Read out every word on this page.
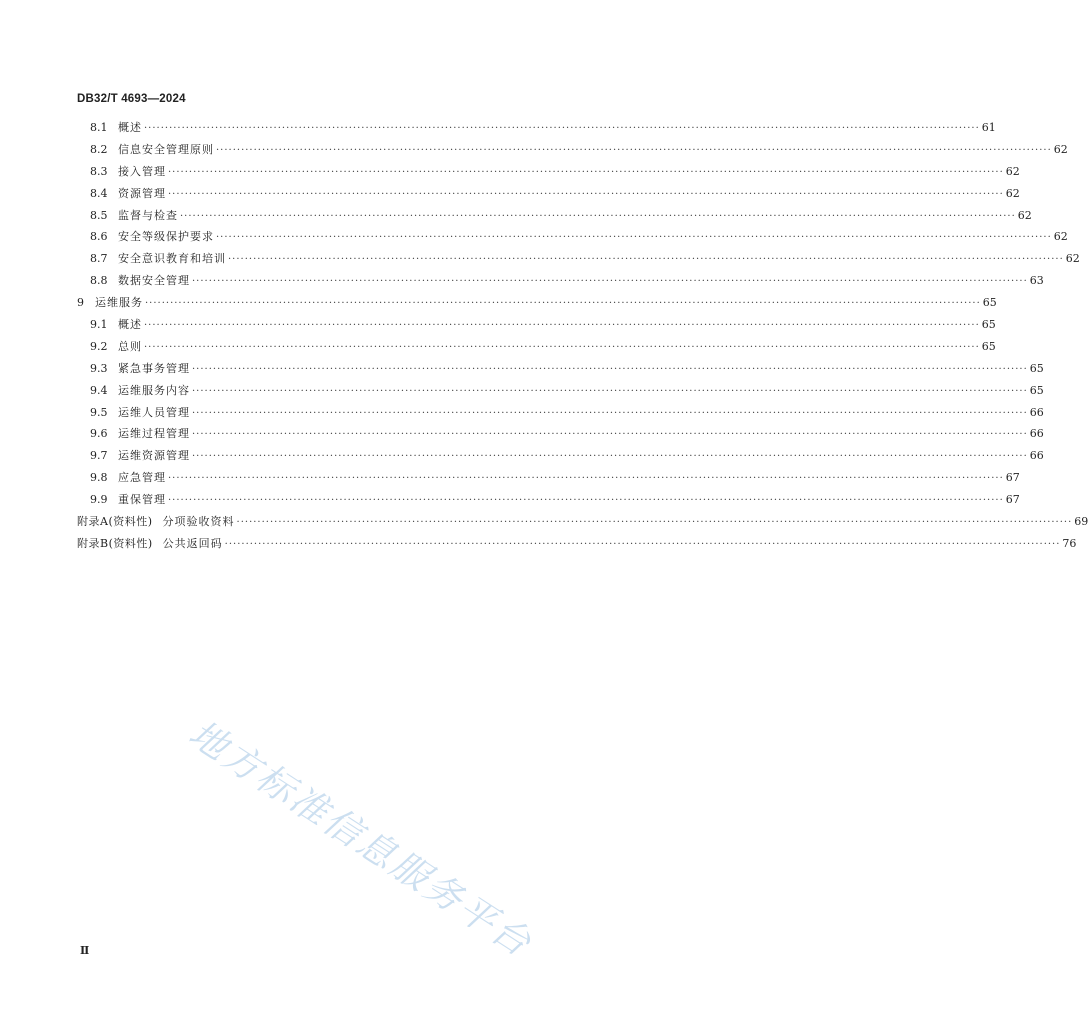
DB32/T 4693—2024
8.1 概述 ········································································································································································································ 61
8.2 信息安全管理原则 ········································································································································································································ 62
8.3 接入管理 ········································································································································································································ 62
8.4 资源管理 ········································································································································································································ 62
8.5 监督与检查 ········································································································································································································ 62
8.6 安全等级保护要求 ········································································································································································································ 62
8.7 安全意识教育和培训 ········································································································································································································ 62
8.8 数据安全管理 ········································································································································································································ 63
9	运维服务 ········································································································································································································ 65
9.1 概述 ········································································································································································································ 65
9.2 总则 ········································································································································································································ 65
9.3 紧急事务管理 ········································································································································································································ 65
9.4 运维服务内容 ········································································································································································································ 65
9.5 运维人员管理 ········································································································································································································ 66
9.6 运维过程管理 ········································································································································································································ 66
9.7 运维资源管理 ········································································································································································································ 66
9.8 应急管理 ········································································································································································································ 67
9.9 重保管理 ········································································································································································································ 67
附录A(资料性) 分项验收资料 ········································································································································································································ 69
附录B(资料性) 公共返回码 ········································································································································································································ 76
地方标准信息服务平台
Ⅱ
